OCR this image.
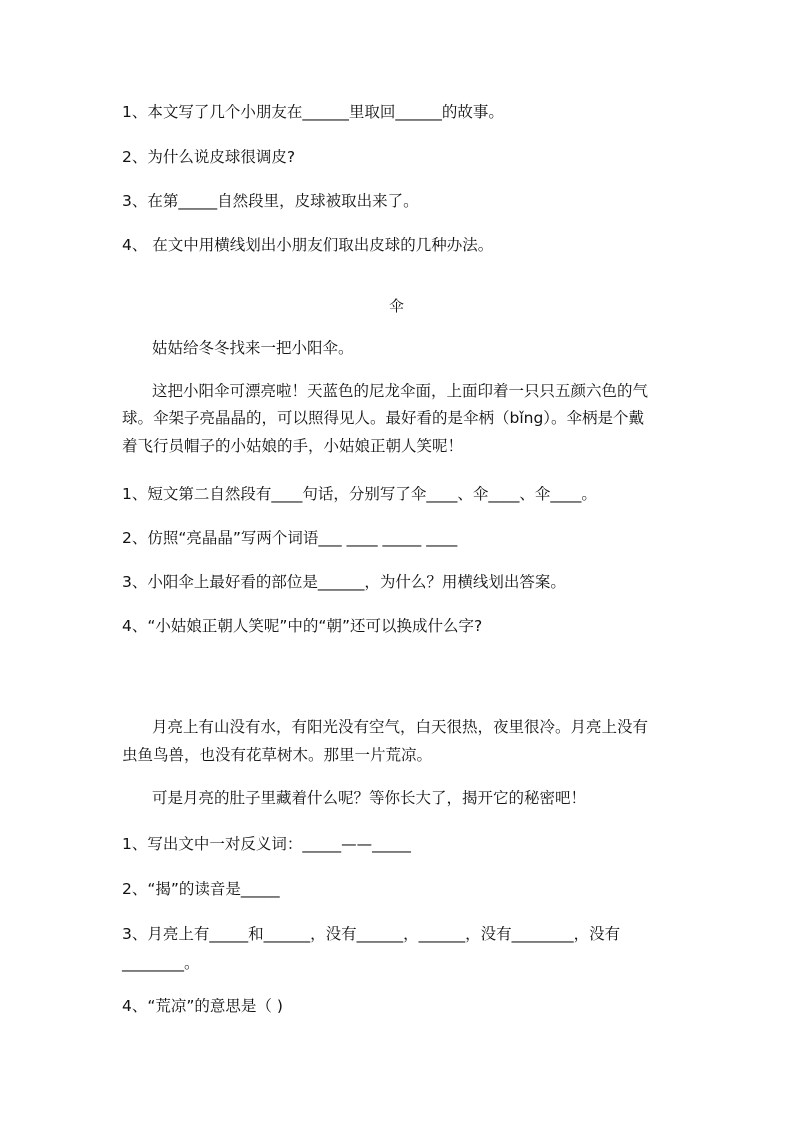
1、本文写了几个小朋友在______里取回______的故事。
2、为什么说皮球很调皮?
3、在第_____自然段里，皮球被取出来了。
4、 在文中用横线划出小朋友们取出皮球的几种办法。
伞
姑姑给冬冬找来一把小阳伞。
这把小阳伞可漂亮啦！天蓝色的尼龙伞面，上面印着一只只五颜六色的气
球。伞架子亮晶晶的，可以照得见人。最好看的是伞柄（bǐng）。伞柄是个戴
着飞行员帽子的小姑娘的手，小姑娘正朝人笑呢！
1、短文第二自然段有____句话，分别写了伞____、伞____、伞____。
2、仿照“亮晶晶”写两个词语___ ____ _____ ____
3、小阳伞上最好看的部位是______，为什么？用横线划出答案。
4、“小姑娘正朝人笑呢”中的“朝”还可以换成什么字?
月亮上有山没有水，有阳光没有空气，白天很热，夜里很冷。月亮上没有
虫鱼鸟兽，也没有花草树木。那里一片荒凉。
可是月亮的肚子里藏着什么呢？等你长大了，揭开它的秘密吧！
1、写出文中一对反义词：_____——_____
2、“揭”的读音是_____
3、月亮上有_____和______，没有______，______，没有________，没有
________。
4、“荒凉”的意思是（ )
